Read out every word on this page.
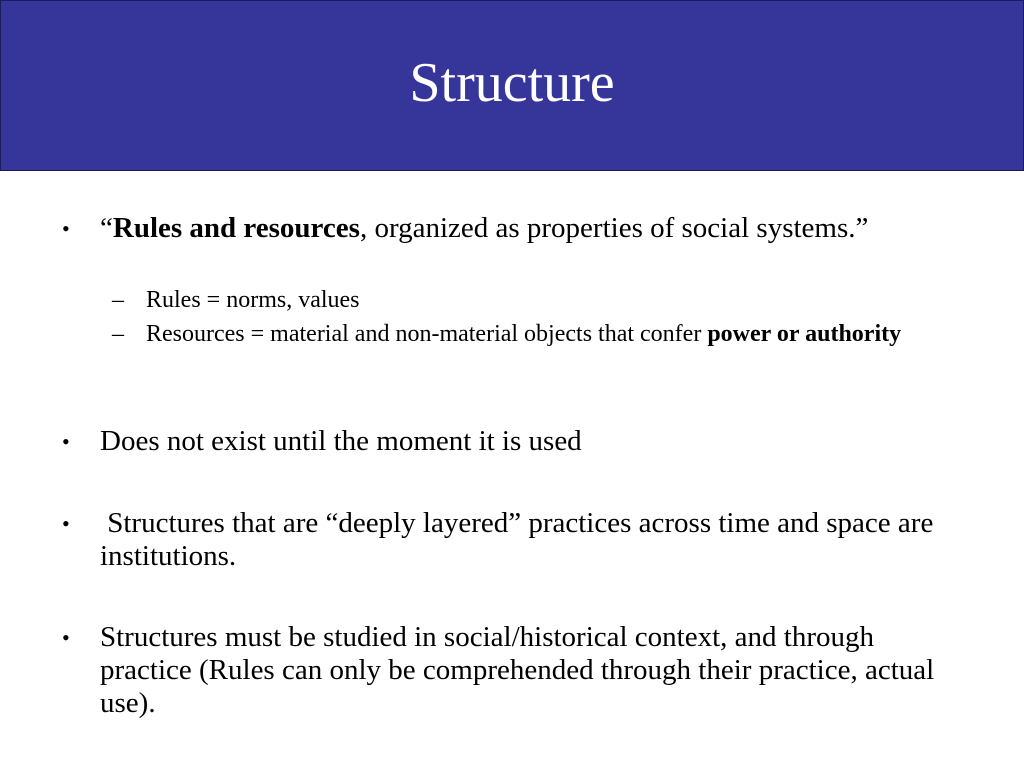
Structure
•	“Rules and resources, organized as properties of social systems.”
– Rules = norms, values
– Resources = material and non-material objects that confer power or authority
•	Does not exist until the moment it is used
•	Structures that are “deeply layered” practices across time and space are institutions.
•	Structures must be studied in social/historical context, and through practice (Rules can only be comprehended through their practice, actual use).
